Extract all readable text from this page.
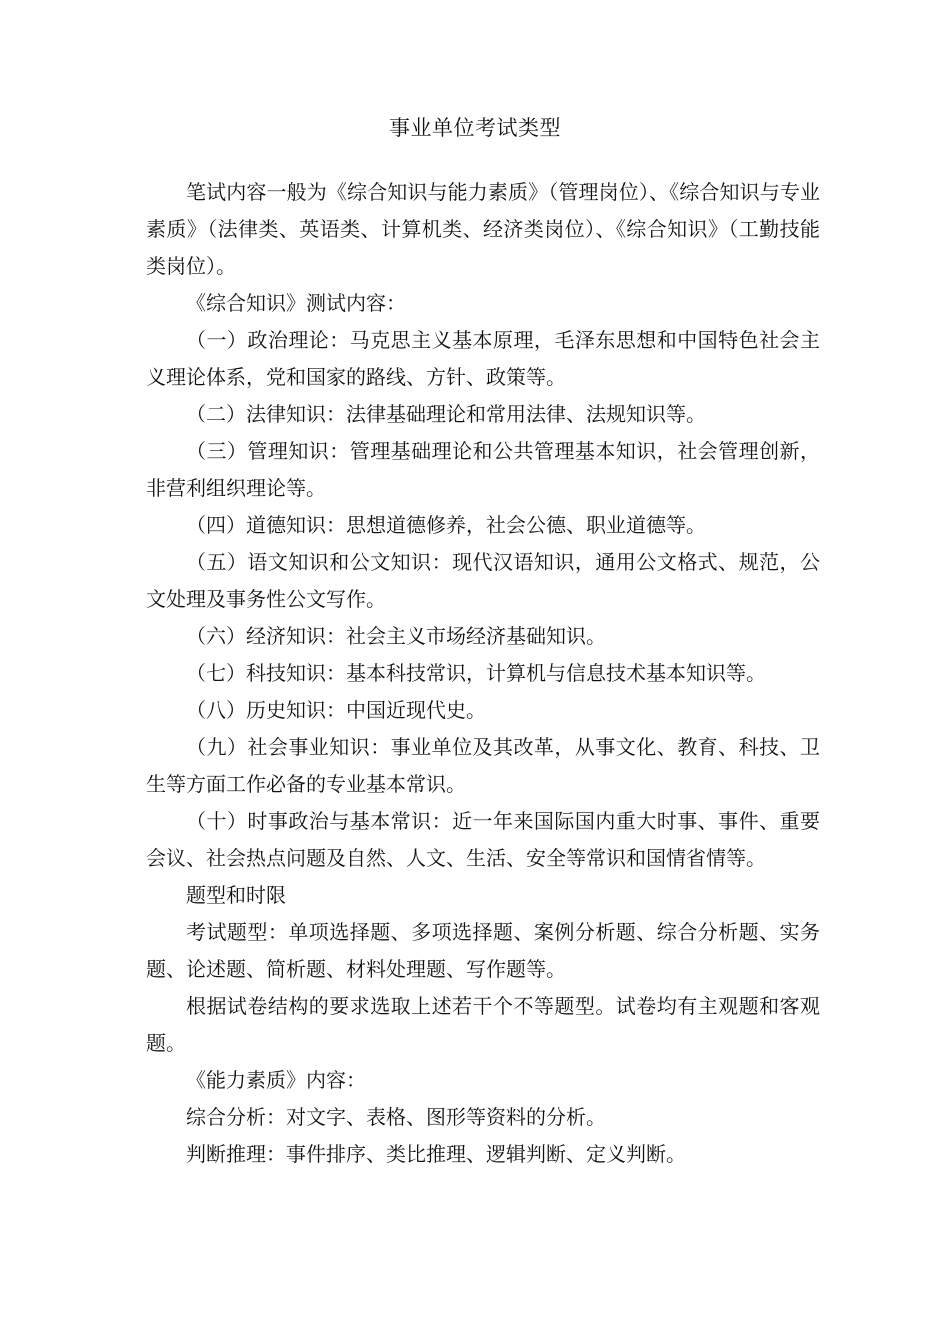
事业单位考试类型

笔试内容一般为《综合知识与能力素质》（管理岗位）、《综合知识与专业素质》（法律类、英语类、计算机类、经济类岗位）、《综合知识》（工勤技能类岗位）。

《综合知识》测试内容：

（一）政治理论：马克思主义基本原理，毛泽东思想和中国特色社会主义理论体系，党和国家的路线、方针、政策等。

（二）法律知识：法律基础理论和常用法律、法规知识等。

（三）管理知识：管理基础理论和公共管理基本知识，社会管理创新，非营利组织理论等。

（四）道德知识：思想道德修养，社会公德、职业道德等。

（五）语文知识和公文知识：现代汉语知识，通用公文格式、规范，公文处理及事务性公文写作。

（六）经济知识：社会主义市场经济基础知识。

（七）科技知识：基本科技常识，计算机与信息技术基本知识等。

（八）历史知识：中国近现代史。

（九）社会事业知识：事业单位及其改革，从事文化、教育、科技、卫生等方面工作必备的专业基本常识。

（十）时事政治与基本常识：近一年来国际国内重大时事、事件、重要会议、社会热点问题及自然、人文、生活、安全等常识和国情省情等。

题型和时限

考试题型：单项选择题、多项选择题、案例分析题、综合分析题、实务题、论述题、简析题、材料处理题、写作题等。

根据试卷结构的要求选取上述若干个不等题型。试卷均有主观题和客观题。

《能力素质》内容：

综合分析：对文字、表格、图形等资料的分析。

判断推理：事件排序、类比推理、逻辑判断、定义判断。
